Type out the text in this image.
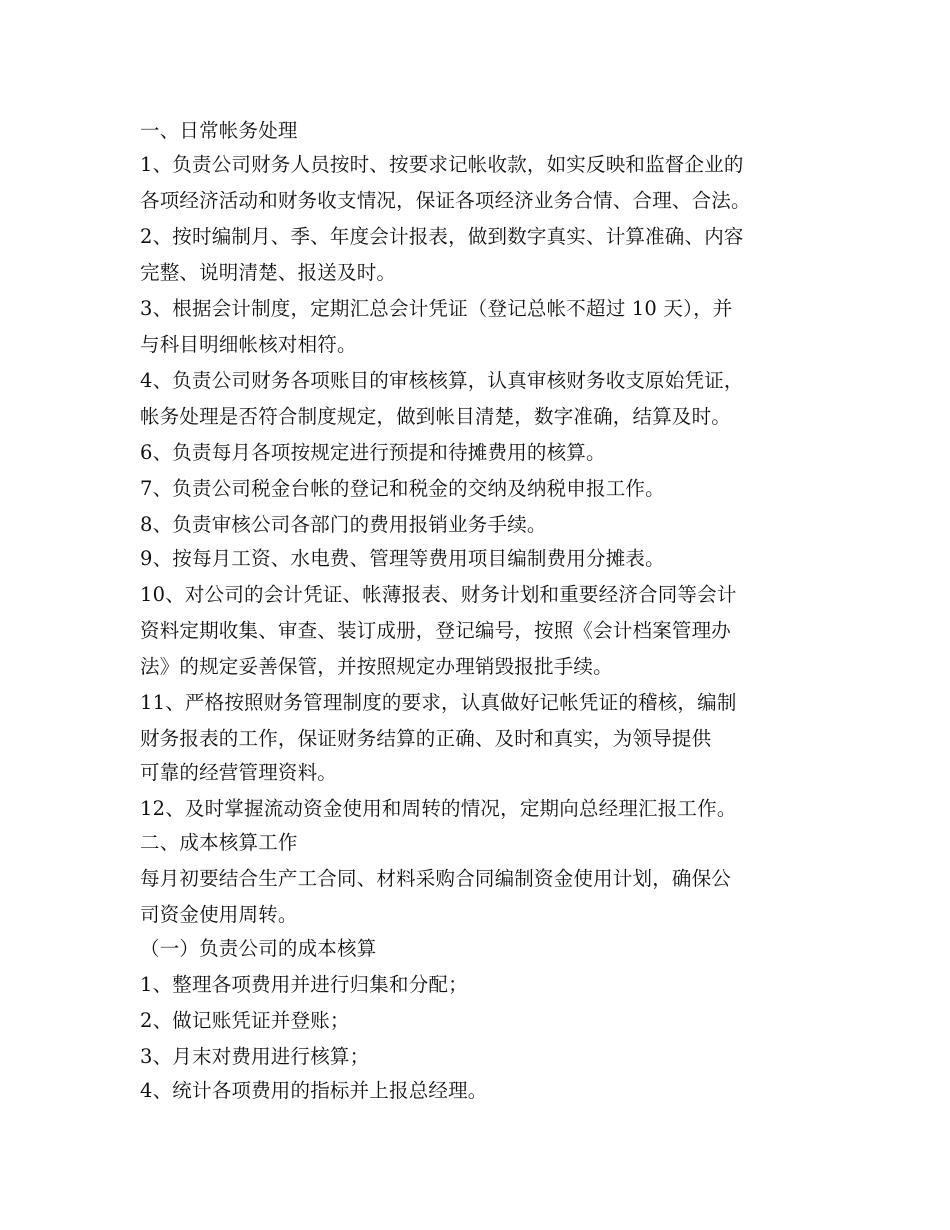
一、日常帐务处理
1、负责公司财务人员按时、按要求记帐收款，如实反映和监督企业的
各项经济活动和财务收支情况，保证各项经济业务合情、合理、合法。
2、按时编制月、季、年度会计报表，做到数字真实、计算准确、内容
完整、说明清楚、报送及时。
3、根据会计制度，定期汇总会计凭证（登记总帐不超过 10 天），并
与科目明细帐核对相符。
4、负责公司财务各项账目的审核核算，认真审核财务收支原始凭证，
帐务处理是否符合制度规定，做到帐目清楚，数字准确，结算及时。
6、负责每月各项按规定进行预提和待摊费用的核算。
7、负责公司税金台帐的登记和税金的交纳及纳税申报工作。
8、负责审核公司各部门的费用报销业务手续。
9、按每月工资、水电费、管理等费用项目编制费用分摊表。
10、对公司的会计凭证、帐薄报表、财务计划和重要经济合同等会计
资料定期收集、审查、装订成册，登记编号，按照《会计档案管理办
法》的规定妥善保管，并按照规定办理销毁报批手续。
11、严格按照财务管理制度的要求，认真做好记帐凭证的稽核，编制
财务报表的工作，保证财务结算的正确、及时和真实，为领导提供
可靠的经营管理资料。
12、及时掌握流动资金使用和周转的情况，定期向总经理汇报工作。
二、成本核算工作
每月初要结合生产工合同、材料采购合同编制资金使用计划，确保公
司资金使用周转。
（一）负责公司的成本核算
1、整理各项费用并进行归集和分配；
2、做记账凭证并登账；
3、月末对费用进行核算；
4、统计各项费用的指标并上报总经理。
